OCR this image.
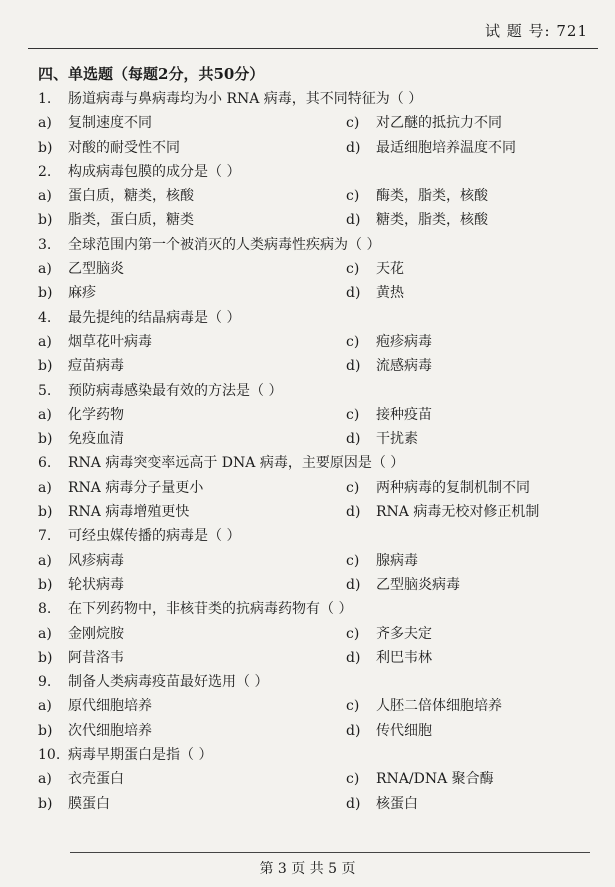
试 题 号: 721
四、单选题（每题2分，共50分）
1. 肠道病毒与鼻病毒均为小 RNA 病毒，其不同特征为（ ）
a) 复制速度不同	c) 对乙醚的抵抗力不同
b) 对酸的耐受性不同	d) 最适细胞培养温度不同
2. 构成病毒包膜的成分是（ ）
a) 蛋白质，糖类，核酸	c) 酶类，脂类，核酸
b) 脂类，蛋白质，糖类	d) 糖类，脂类，核酸
3. 全球范围内第一个被消灭的人类病毒性疾病为（ ）
a) 乙型脑炎	c) 天花
b) 麻疹	d) 黄热
4. 最先提纯的结晶病毒是（ ）
a) 烟草花叶病毒	c) 疱疹病毒
b) 痘苗病毒	d) 流感病毒
5. 预防病毒感染最有效的方法是（ ）
a) 化学药物	c) 接种疫苗
b) 免疫血清	d) 干扰素
6. RNA 病毒突变率远高于 DNA 病毒，主要原因是（ ）
a) RNA 病毒分子量更小	c) 两种病毒的复制机制不同
b) RNA 病毒增殖更快	d) RNA 病毒无校对修正机制
7. 可经虫媒传播的病毒是（ ）
a) 风疹病毒	c) 腺病毒
b) 轮状病毒	d) 乙型脑炎病毒
8. 在下列药物中，非核苷类的抗病毒药物有（ ）
a) 金刚烷胺	c) 齐多夫定
b) 阿昔洛韦	d) 利巴韦林
9. 制备人类病毒疫苗最好选用（ ）
a) 原代细胞培养	c) 人胚二倍体细胞培养
b) 次代细胞培养	d) 传代细胞
10. 病毒早期蛋白是指（ ）
a) 衣壳蛋白	c) RNA/DNA 聚合酶
b) 膜蛋白	d) 核蛋白
第 3 页 共 5 页
